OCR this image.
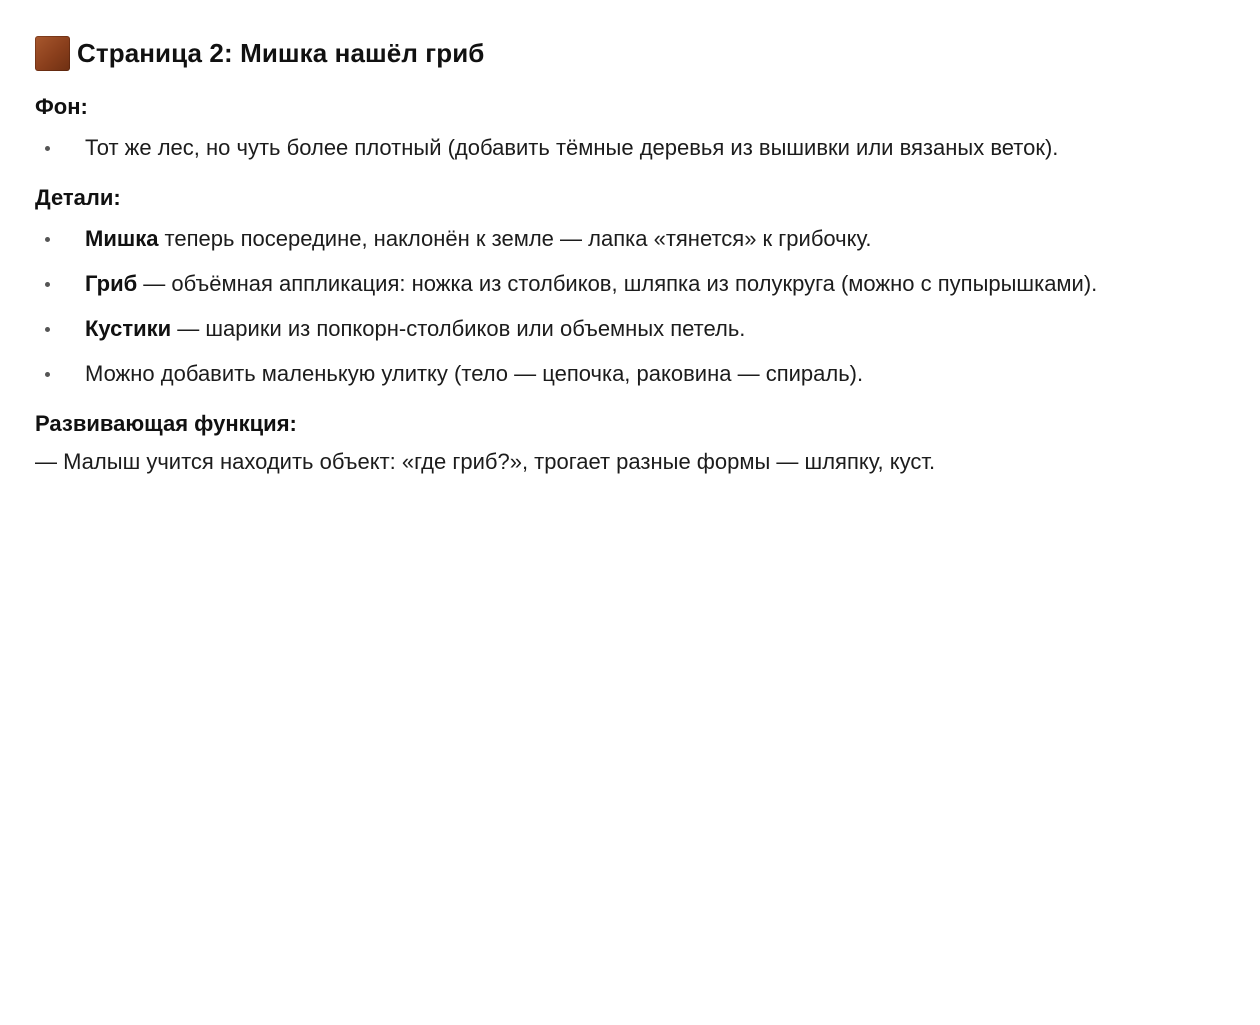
Страница 2: Мишка нашёл гриб

Фон:

Тот же лес, но чуть более плотный (добавить тёмные деревья из вышивки или вязаных веток).

Детали:

Мишка теперь посередине, наклонён к земле — лапка «тянется» к грибочку.
Гриб — объёмная аппликация: ножка из столбиков, шляпка из полукруга (можно с пупырышками).
Кустики — шарики из попкорн-столбиков или объемных петель.
Можно добавить маленькую улитку (тело — цепочка, раковина — спираль).

Развивающая функция:

— Малыш учится находить объект: «где гриб?», трогает разные формы — шляпку, куст.
